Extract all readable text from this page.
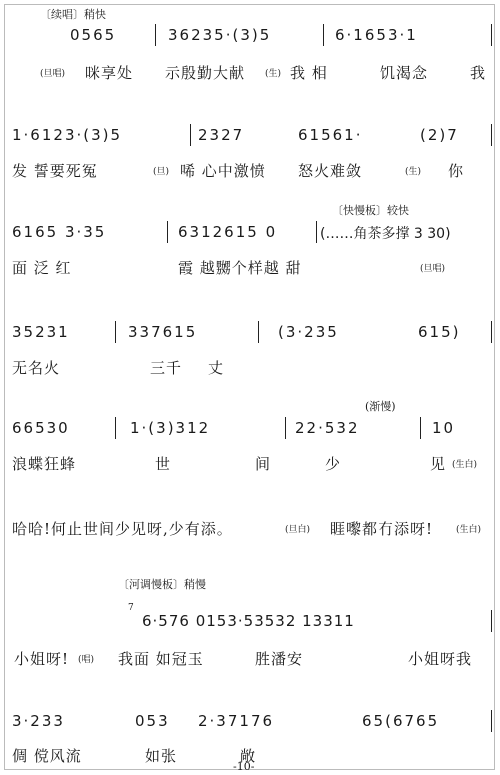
〔续唱〕稍快
0565	36235·(3)5	6·1653·1
(旦唱) 咪享处 示殷勤大献 (生) 我 相	饥渴念	我
1·6123·(3)5	2327	61561·	(2)7
发 誓要死冤	(旦) 唏 心中激愤 怒火难敛	(生) 你
〔快慢板〕较快
6165 3·35	6312615 0	(……角茶多撑 3 30)
面 泛 红	霞 越嬲个样越 甜	(旦唱)
35231	337615	(3·235	615)
无名火	三千 丈
(渐慢)
66530	1·(3)312	22·532	10
浪蝶狂蜂	世	间	少	见 (生白)
哈哈!何止世间少见呀,少有添。	(旦白) 睚嚟都冇添呀!	(生白)
〔河调慢板〕稍慢
7
6·576 0153·53532 13311
小姐呀! (唱) 我面 如冠玉	胜潘安	小姐呀我
3·233	053 2·37176	65(6765
倜 傥风流	如张	敞
-10-
